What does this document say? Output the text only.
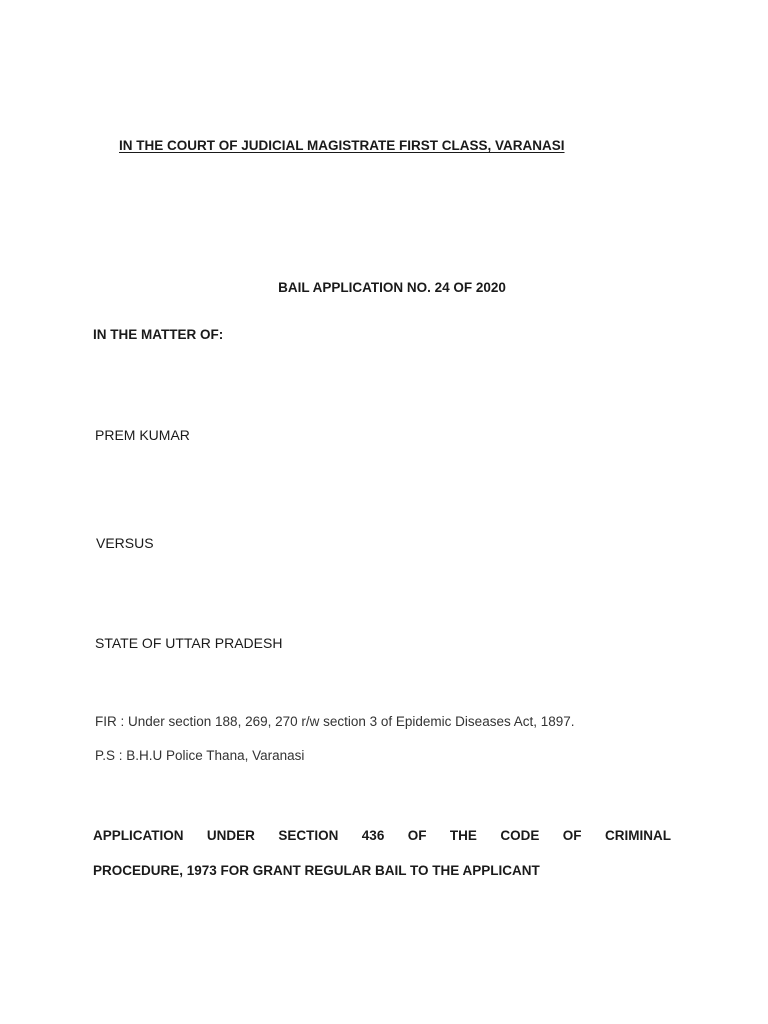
IN THE COURT OF JUDICIAL MAGISTRATE FIRST CLASS, VARANASI

BAIL APPLICATION NO. 24 OF 2020

IN THE MATTER OF:

PREM KUMAR

VERSUS

STATE OF UTTAR PRADESH

FIR : Under section 188, 269, 270 r/w section 3 of Epidemic Diseases Act, 1897.

P.S : B.H.U Police Thana, Varanasi

APPLICATION UNDER SECTION 436 OF THE CODE OF CRIMINAL

PROCEDURE, 1973 FOR GRANT REGULAR BAIL TO THE APPLICANT
